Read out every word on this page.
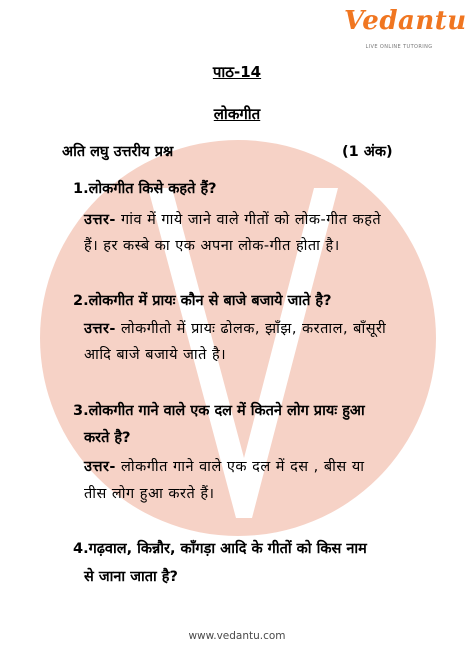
Vedantu
LIVE ONLINE TUTORING
पाठ-14
लोकगीत
अति लघु उत्तरीय प्रश्न	(1 अंक)
1.लोकगीत किसे कहते हैं?
उत्तर- गांव में गाये जाने वाले गीतों को लोक-गीत कहते
हैं। हर कस्बे का एक अपना लोक-गीत होता है।
2.लोकगीत में प्रायः कौन से बाजे बजाये जाते है?
उत्तर- लोकगीतो में प्रायः ढोलक, झाँझ, करताल, बाँसूरी
आदि बाजे बजाये जाते है।
3.लोकगीत गाने वाले एक दल में कितने लोग प्रायः हुआ
करते है?
उत्तर- लोकगीत गाने वाले एक दल में दस , बीस या
तीस लोग हुआ करते हैं।
4.गढ़वाल, किन्नौर, काँगड़ा आदि के गीतों को किस नाम
से जाना जाता है?
www.vedantu.com
